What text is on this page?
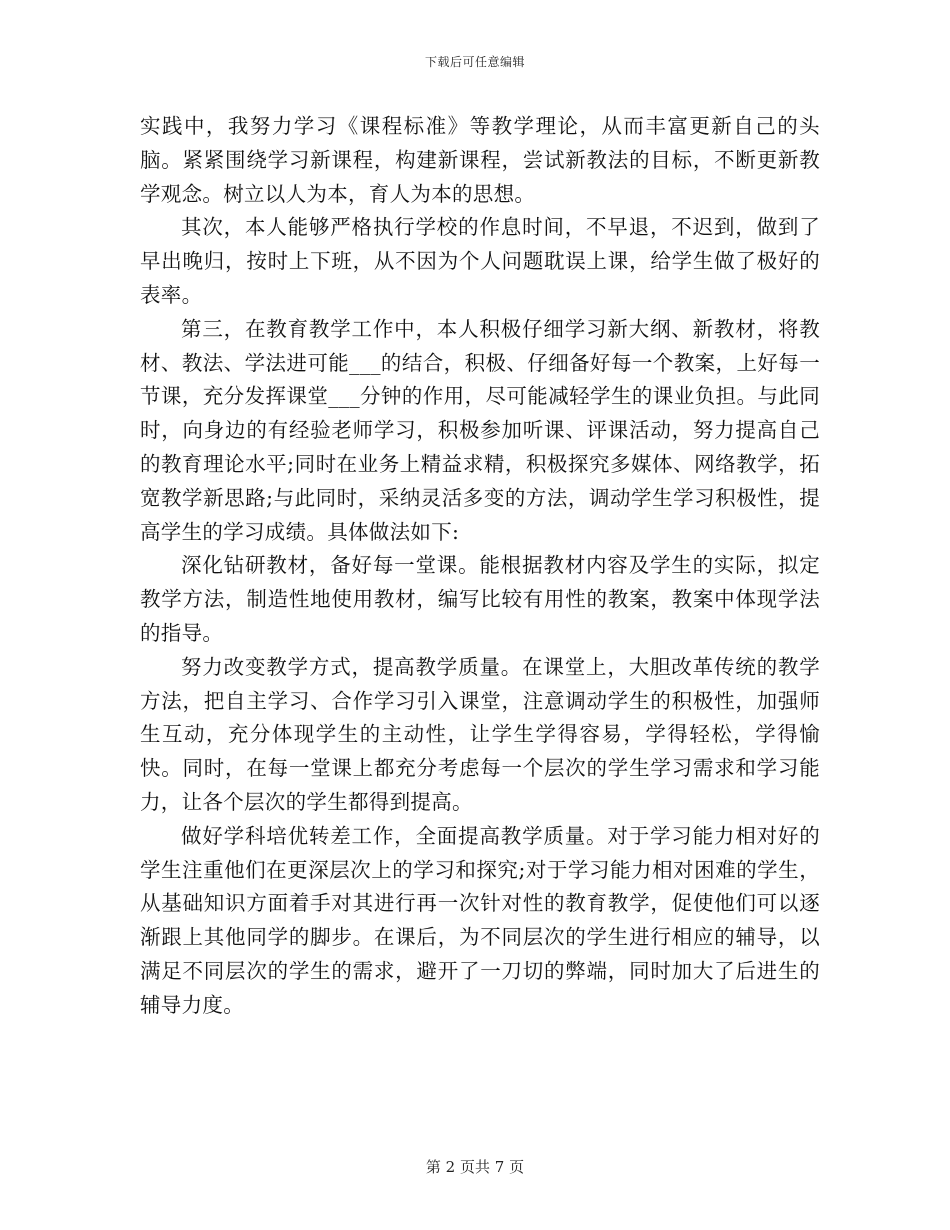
下载后可任意编辑

实践中，我努力学习《课程标准》等教学理论，从而丰富更新自己的头脑。紧紧围绕学习新课程，构建新课程，尝试新教法的目标，不断更新教学观念。树立以人为本，育人为本的思想。

其次，本人能够严格执行学校的作息时间，不早退，不迟到，做到了早出晚归，按时上下班，从不因为个人问题耽误上课，给学生做了极好的表率。

第三，在教育教学工作中，本人积极仔细学习新大纲、新教材，将教材、教法、学法进可能___的结合，积极、仔细备好每一个教案，上好每一节课，充分发挥课堂___分钟的作用，尽可能减轻学生的课业负担。与此同时，向身边的有经验老师学习，积极参加听课、评课活动，努力提高自己的教育理论水平;同时在业务上精益求精，积极探究多媒体、网络教学，拓宽教学新思路;与此同时，采纳灵活多变的方法，调动学生学习积极性，提高学生的学习成绩。具体做法如下:

深化钻研教材，备好每一堂课。能根据教材内容及学生的实际，拟定教学方法，制造性地使用教材，编写比较有用性的教案，教案中体现学法的指导。

努力改变教学方式，提高教学质量。在课堂上，大胆改革传统的教学方法，把自主学习、合作学习引入课堂，注意调动学生的积极性，加强师生互动，充分体现学生的主动性，让学生学得容易，学得轻松，学得愉快。同时，在每一堂课上都充分考虑每一个层次的学生学习需求和学习能力，让各个层次的学生都得到提高。

做好学科培优转差工作，全面提高教学质量。对于学习能力相对好的学生注重他们在更深层次上的学习和探究;对于学习能力相对困难的学生，从基础知识方面着手对其进行再一次针对性的教育教学，促使他们可以逐渐跟上其他同学的脚步。在课后，为不同层次的学生进行相应的辅导，以满足不同层次的学生的需求，避开了一刀切的弊端，同时加大了后进生的辅导力度。

第 2 页共 7 页
